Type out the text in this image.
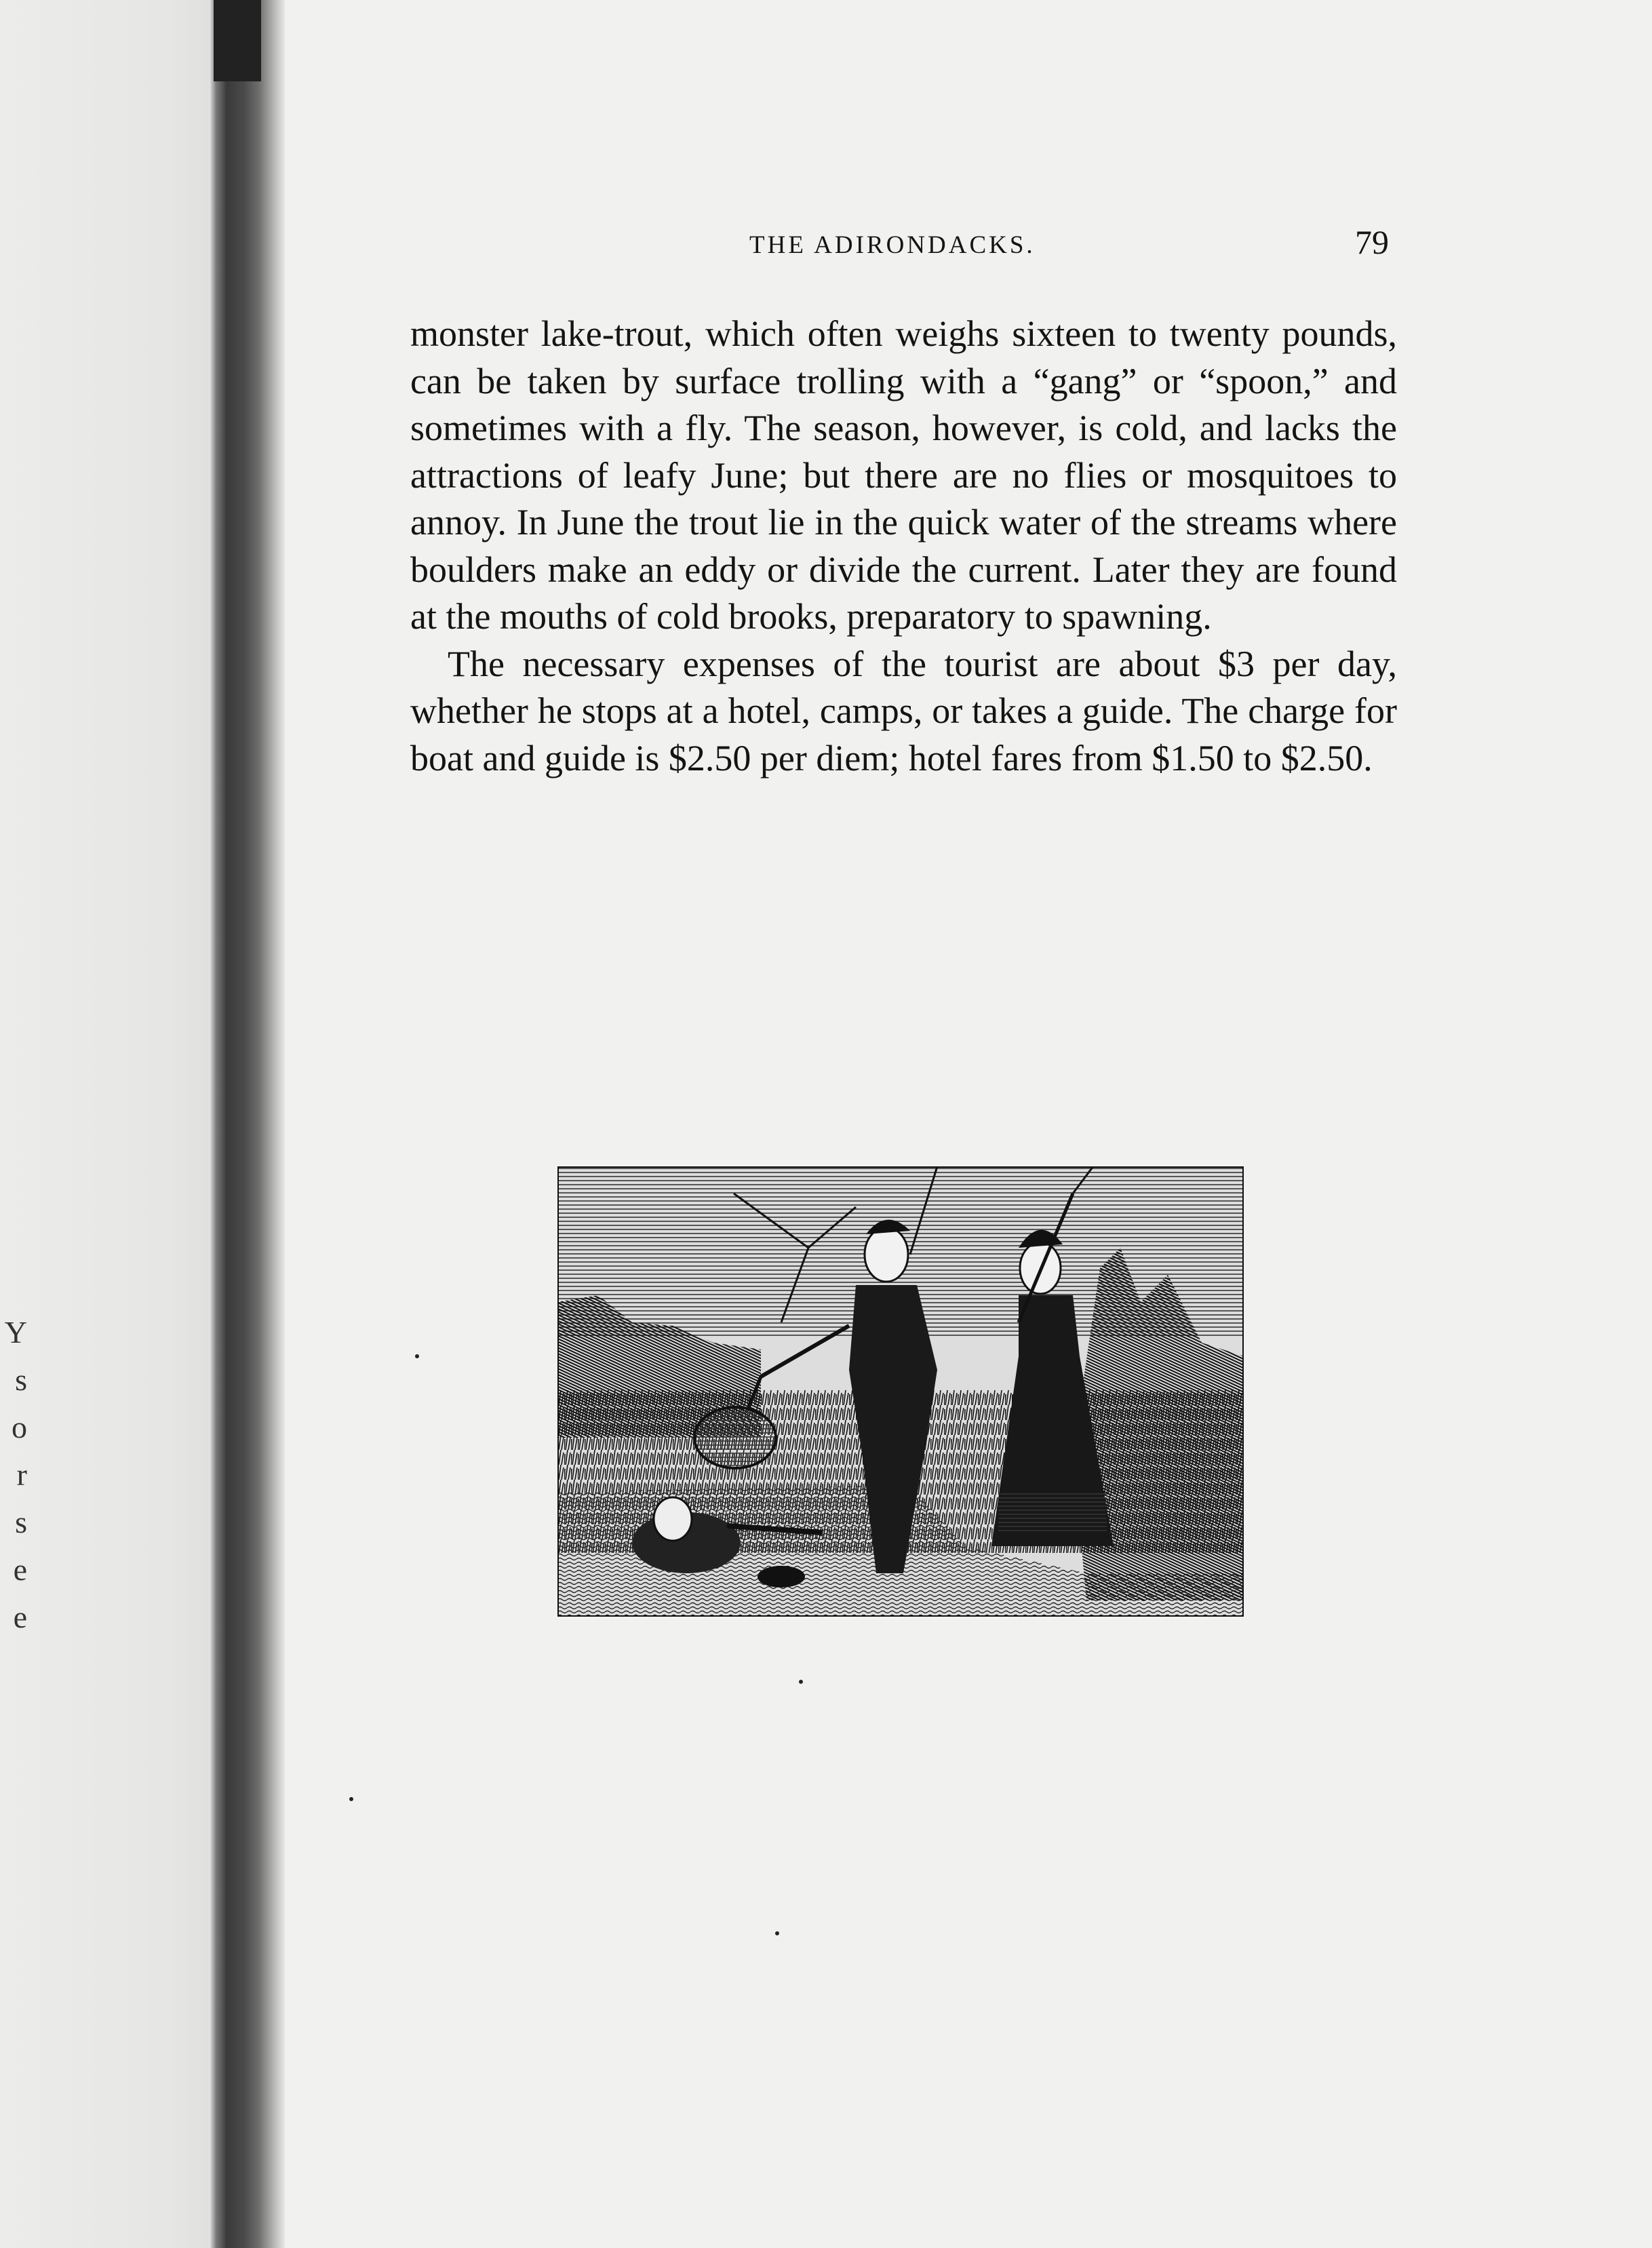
Y
s
o
r
s
e
e
THE ADIRONDACKS.	79

monster lake-trout, which often weighs sixteen to twenty pounds, can be taken by surface trolling with a “gang” or “spoon,” and sometimes with a fly. The season, however, is cold, and lacks the attractions of leafy June; but there are no flies or mosquitoes to annoy. In June the trout lie in the quick water of the streams where boulders make an eddy or divide the current. Later they are found at the mouths of cold brooks, preparatory to spawning.

The necessary expenses of the tourist are about $3 per day, whether he stops at a hotel, camps, or takes a guide. The charge for boat and guide is $2.50 per diem; hotel fares from $1.50 to $2.50.
